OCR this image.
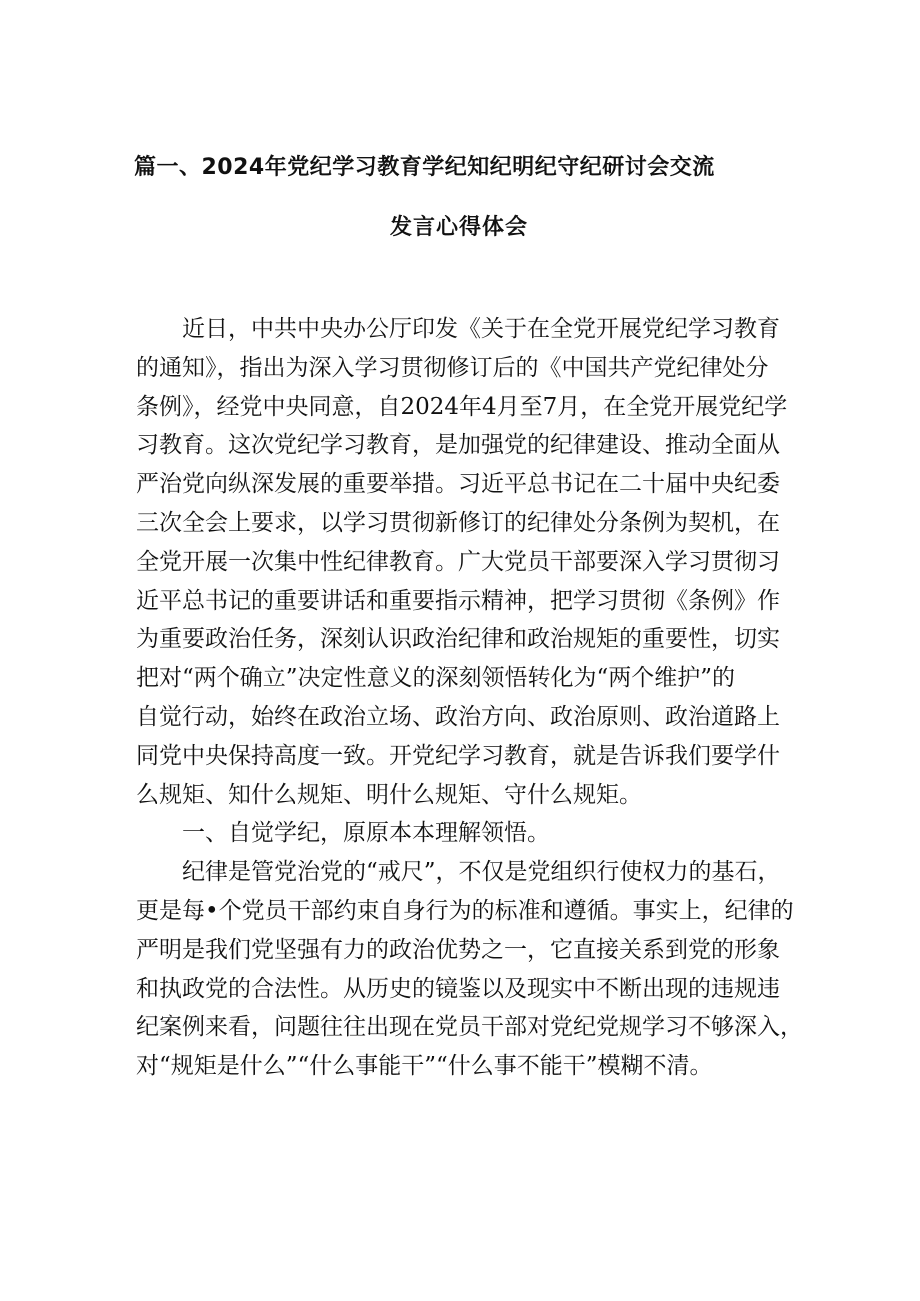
篇一、2024年党纪学习教育学纪知纪明纪守纪研讨会交流
发言心得体会
近日，中共中央办公厅印发《关于在全党开展党纪学习教育
的通知》，指出为深入学习贯彻修订后的《中国共产党纪律处分
条例》，经党中央同意，自2024年4月至7月，在全党开展党纪学
习教育。这次党纪学习教育，是加强党的纪律建设、推动全面从
严治党向纵深发展的重要举措。习近平总书记在二十届中央纪委
三次全会上要求，以学习贯彻新修订的纪律处分条例为契机，在
全党开展一次集中性纪律教育。广大党员干部要深入学习贯彻习
近平总书记的重要讲话和重要指示精神，把学习贯彻《条例》作
为重要政治任务，深刻认识政治纪律和政治规矩的重要性，切实
把对“两个确立”决定性意义的深刻领悟转化为“两个维护”的
自觉行动，始终在政治立场、政治方向、政治原则、政治道路上
同党中央保持高度一致。开党纪学习教育，就是告诉我们要学什
么规矩、知什么规矩、明什么规矩、守什么规矩。
一、自觉学纪，原原本本理解领悟。
纪律是管党治党的“戒尺”，不仅是党组织行使权力的基石，
更是每•个党员干部约束自身行为的标准和遵循。事实上，纪律的
严明是我们党坚强有力的政治优势之一，它直接关系到党的形象
和执政党的合法性。从历史的镜鉴以及现实中不断出现的违规违
纪案例来看，问题往往出现在党员干部对党纪党规学习不够深入，
对“规矩是什么”“什么事能干”“什么事不能干”模糊不清。
